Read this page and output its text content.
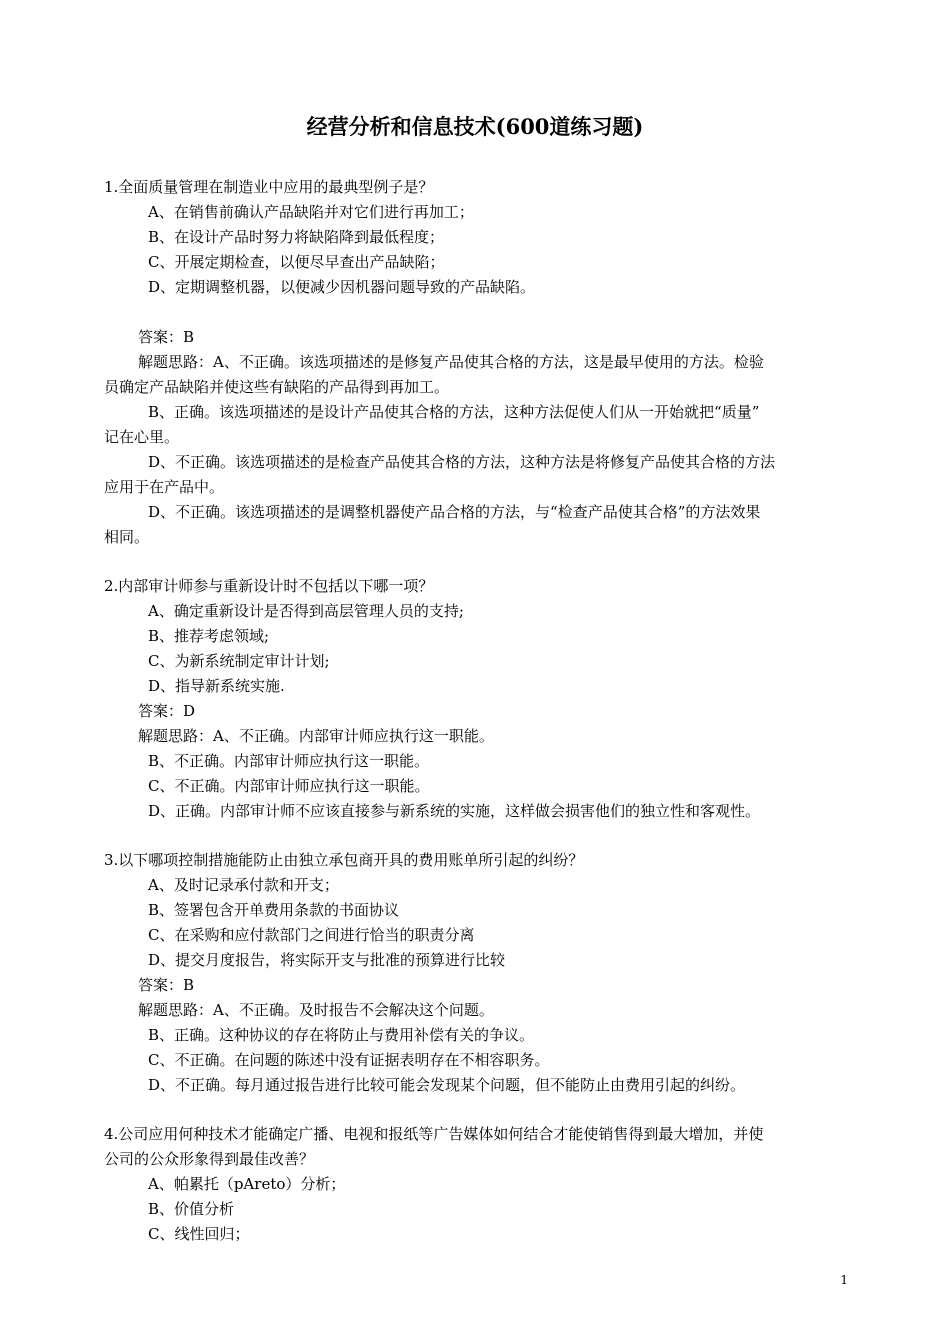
经营分析和信息技术(600道练习题)
1.全面质量管理在制造业中应用的最典型例子是？
A、在销售前确认产品缺陷并对它们进行再加工；
B、在设计产品时努力将缺陷降到最低程度；
C、开展定期检查，以便尽早查出产品缺陷；
D、定期调整机器，以便减少因机器问题导致的产品缺陷。
答案：B
解题思路：A、不正确。该选项描述的是修复产品使其合格的方法，这是最早使用的方法。检验
员确定产品缺陷并使这些有缺陷的产品得到再加工。
B、正确。该选项描述的是设计产品使其合格的方法，这种方法促使人们从一开始就把“质量”
记在心里。
D、不正确。该选项描述的是检查产品使其合格的方法，这种方法是将修复产品使其合格的方法
应用于在产品中。
D、不正确。该选项描述的是调整机器使产品合格的方法，与“检查产品使其合格”的方法效果
相同。
2.内部审计师参与重新设计时不包括以下哪一项？
A、确定重新设计是否得到高层管理人员的支持;
B、推荐考虑领域;
C、为新系统制定审计计划;
D、指导新系统实施.
答案：D
解题思路：A、不正确。内部审计师应执行这一职能。
B、不正确。内部审计师应执行这一职能。
C、不正确。内部审计师应执行这一职能。
D、正确。内部审计师不应该直接参与新系统的实施，这样做会损害他们的独立性和客观性。
3.以下哪项控制措施能防止由独立承包商开具的费用账单所引起的纠纷？
A、及时记录承付款和开支；
B、签署包含开单费用条款的书面协议
C、在采购和应付款部门之间进行恰当的职责分离
D、提交月度报告，将实际开支与批准的预算进行比较
答案：B
解题思路：A、不正确。及时报告不会解决这个问题。
B、正确。这种协议的存在将防止与费用补偿有关的争议。
C、不正确。在问题的陈述中没有证据表明存在不相容职务。
D、不正确。每月通过报告进行比较可能会发现某个问题，但不能防止由费用引起的纠纷。
4.公司应用何种技术才能确定广播、电视和报纸等广告媒体如何结合才能使销售得到最大增加，并使
公司的公众形象得到最佳改善？
A、帕累托（pAreto）分析；
B、价值分析
C、线性回归；
1
